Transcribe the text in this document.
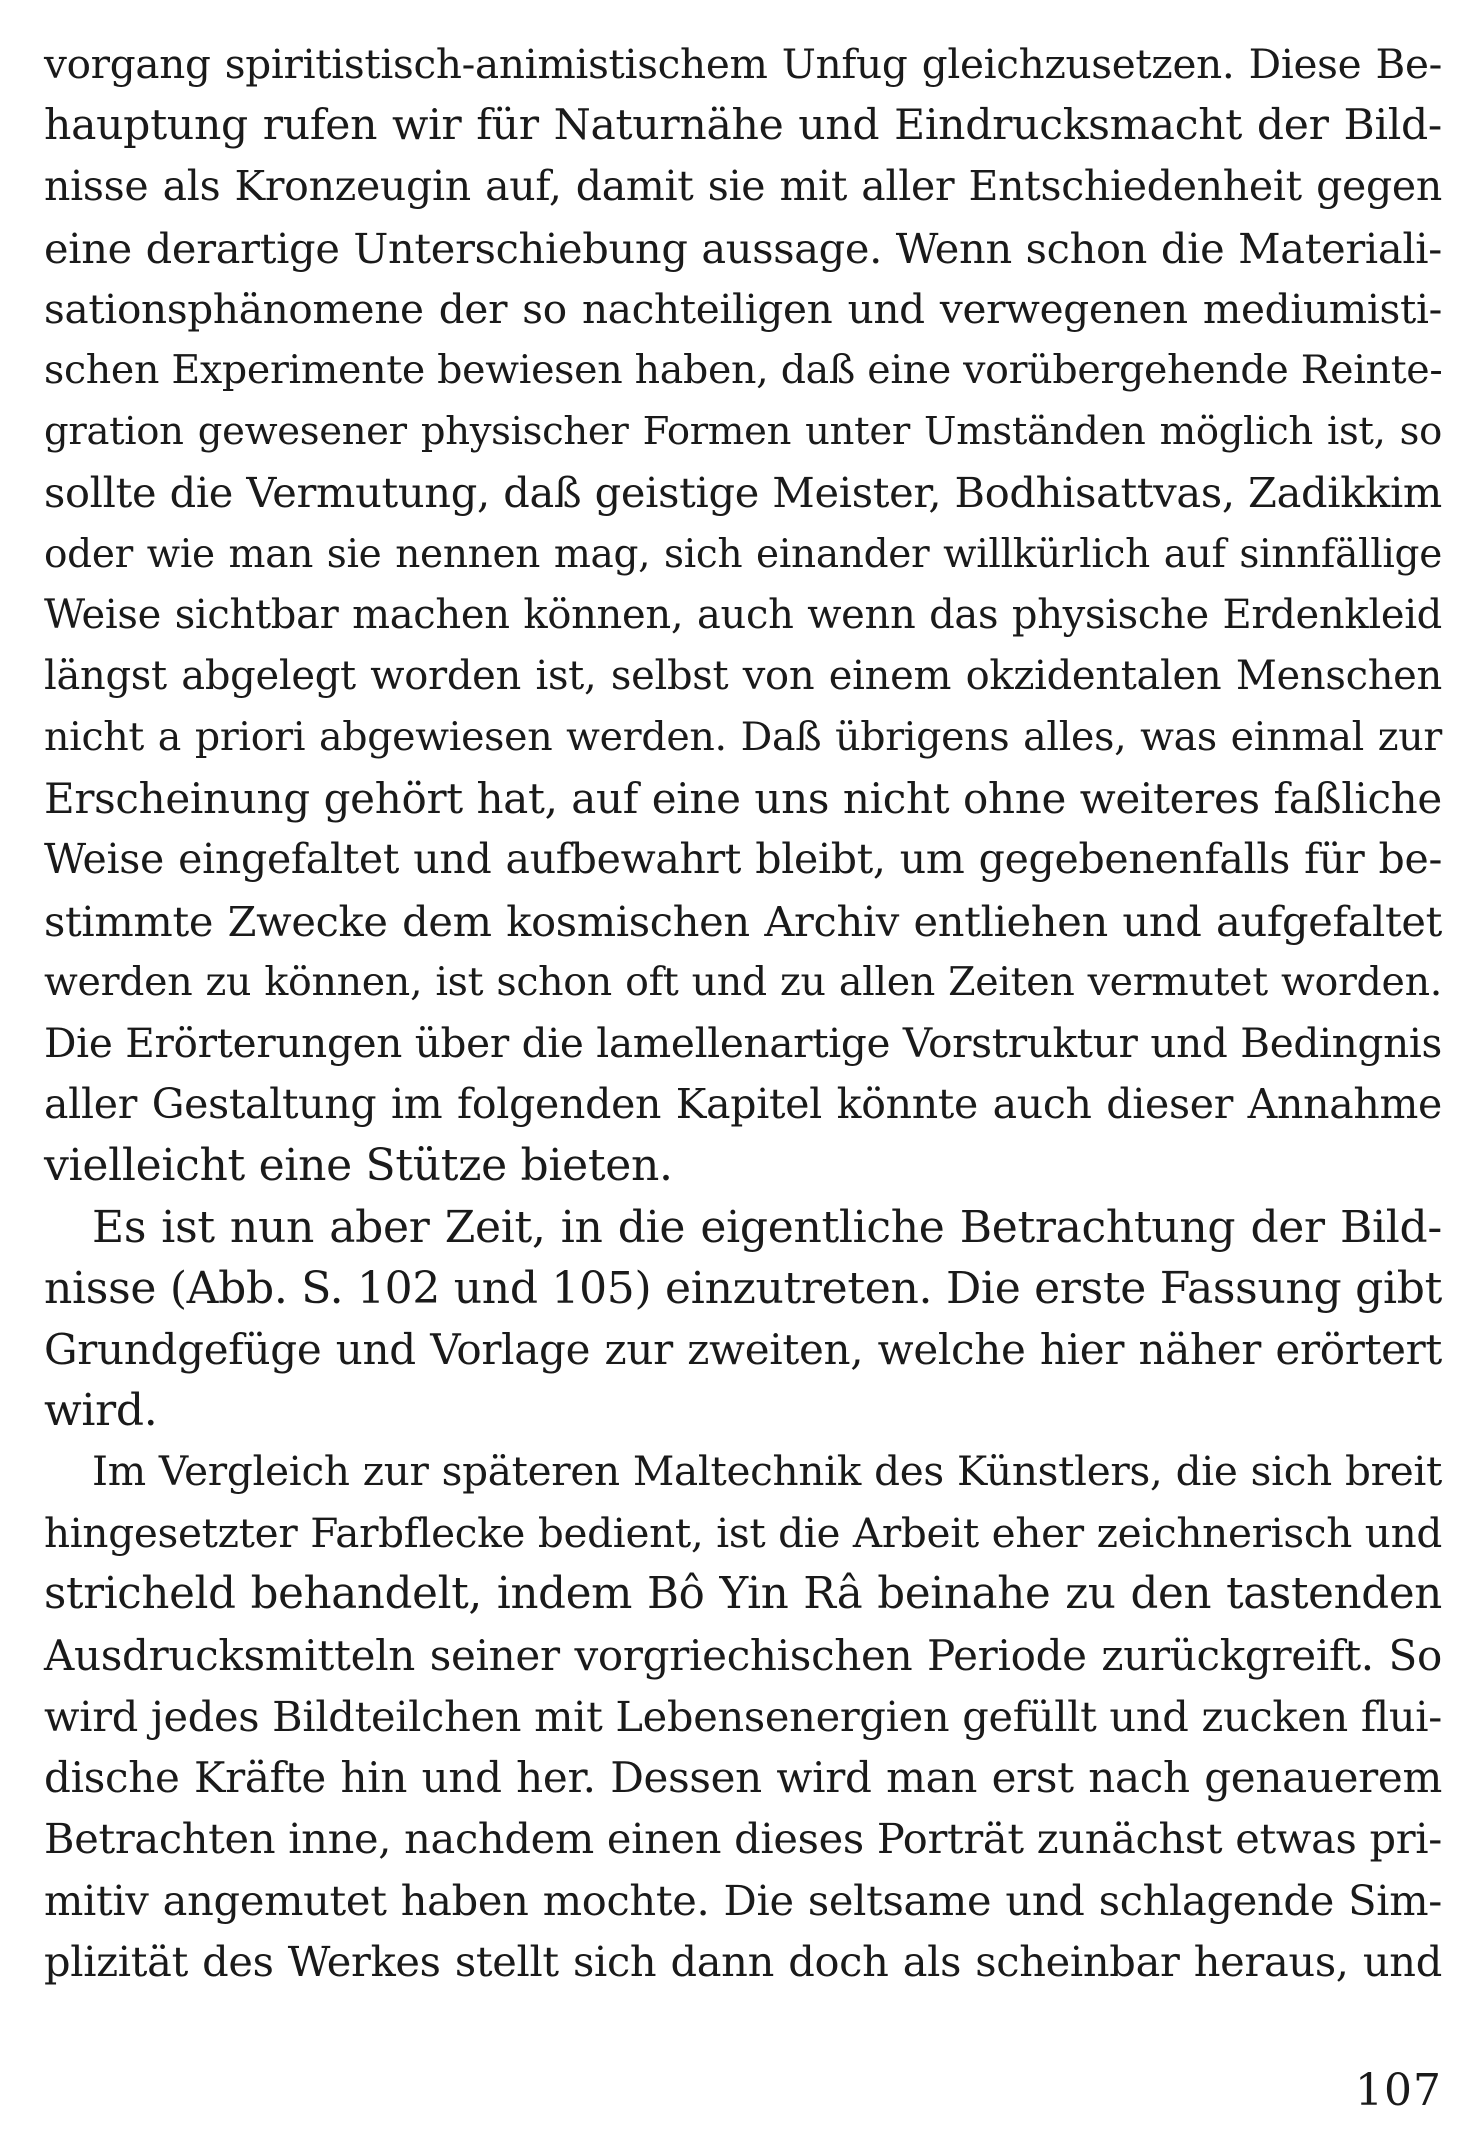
vorgang spiritistisch-animistischem Unfug gleichzusetzen. Diese Be-
hauptung rufen wir für Naturnähe und Eindrucksmacht der Bild-
nisse als Kronzeugin auf, damit sie mit aller Entschiedenheit gegen
eine derartige Unterschiebung aussage. Wenn schon die Materiali-
sationsphänomene der so nachteiligen und verwegenen mediumisti-
schen Experimente bewiesen haben, daß eine vorübergehende Reinte-
gration gewesener physischer Formen unter Umständen möglich ist, so
sollte die Vermutung, daß geistige Meister, Bodhisattvas, Zadikkim
oder wie man sie nennen mag, sich einander willkürlich auf sinnfällige
Weise sichtbar machen können, auch wenn das physische Erdenkleid
längst abgelegt worden ist, selbst von einem okzidentalen Menschen
nicht a priori abgewiesen werden. Daß übrigens alles, was einmal zur
Erscheinung gehört hat, auf eine uns nicht ohne weiteres faßliche
Weise eingefaltet und aufbewahrt bleibt, um gegebenenfalls für be-
stimmte Zwecke dem kosmischen Archiv entliehen und aufgefaltet
werden zu können, ist schon oft und zu allen Zeiten vermutet worden.
Die Erörterungen über die lamellenartige Vorstruktur und Bedingnis
aller Gestaltung im folgenden Kapitel könnte auch dieser Annahme
vielleicht eine Stütze bieten.
Es ist nun aber Zeit, in die eigentliche Betrachtung der Bild-
nisse (Abb. S. 102 und 105) einzutreten. Die erste Fassung gibt
Grundgefüge und Vorlage zur zweiten, welche hier näher erörtert
wird.
Im Vergleich zur späteren Maltechnik des Künstlers, die sich breit
hingesetzter Farbflecke bedient, ist die Arbeit eher zeichnerisch und
stricheld behandelt, indem Bô Yin Râ beinahe zu den tastenden
Ausdrucksmitteln seiner vorgriechischen Periode zurückgreift. So
wird jedes Bildteilchen mit Lebensenergien gefüllt und zucken flui-
dische Kräfte hin und her. Dessen wird man erst nach genauerem
Betrachten inne, nachdem einen dieses Porträt zunächst etwas pri-
mitiv angemutet haben mochte. Die seltsame und schlagende Sim-
plizität des Werkes stellt sich dann doch als scheinbar heraus, und
107
